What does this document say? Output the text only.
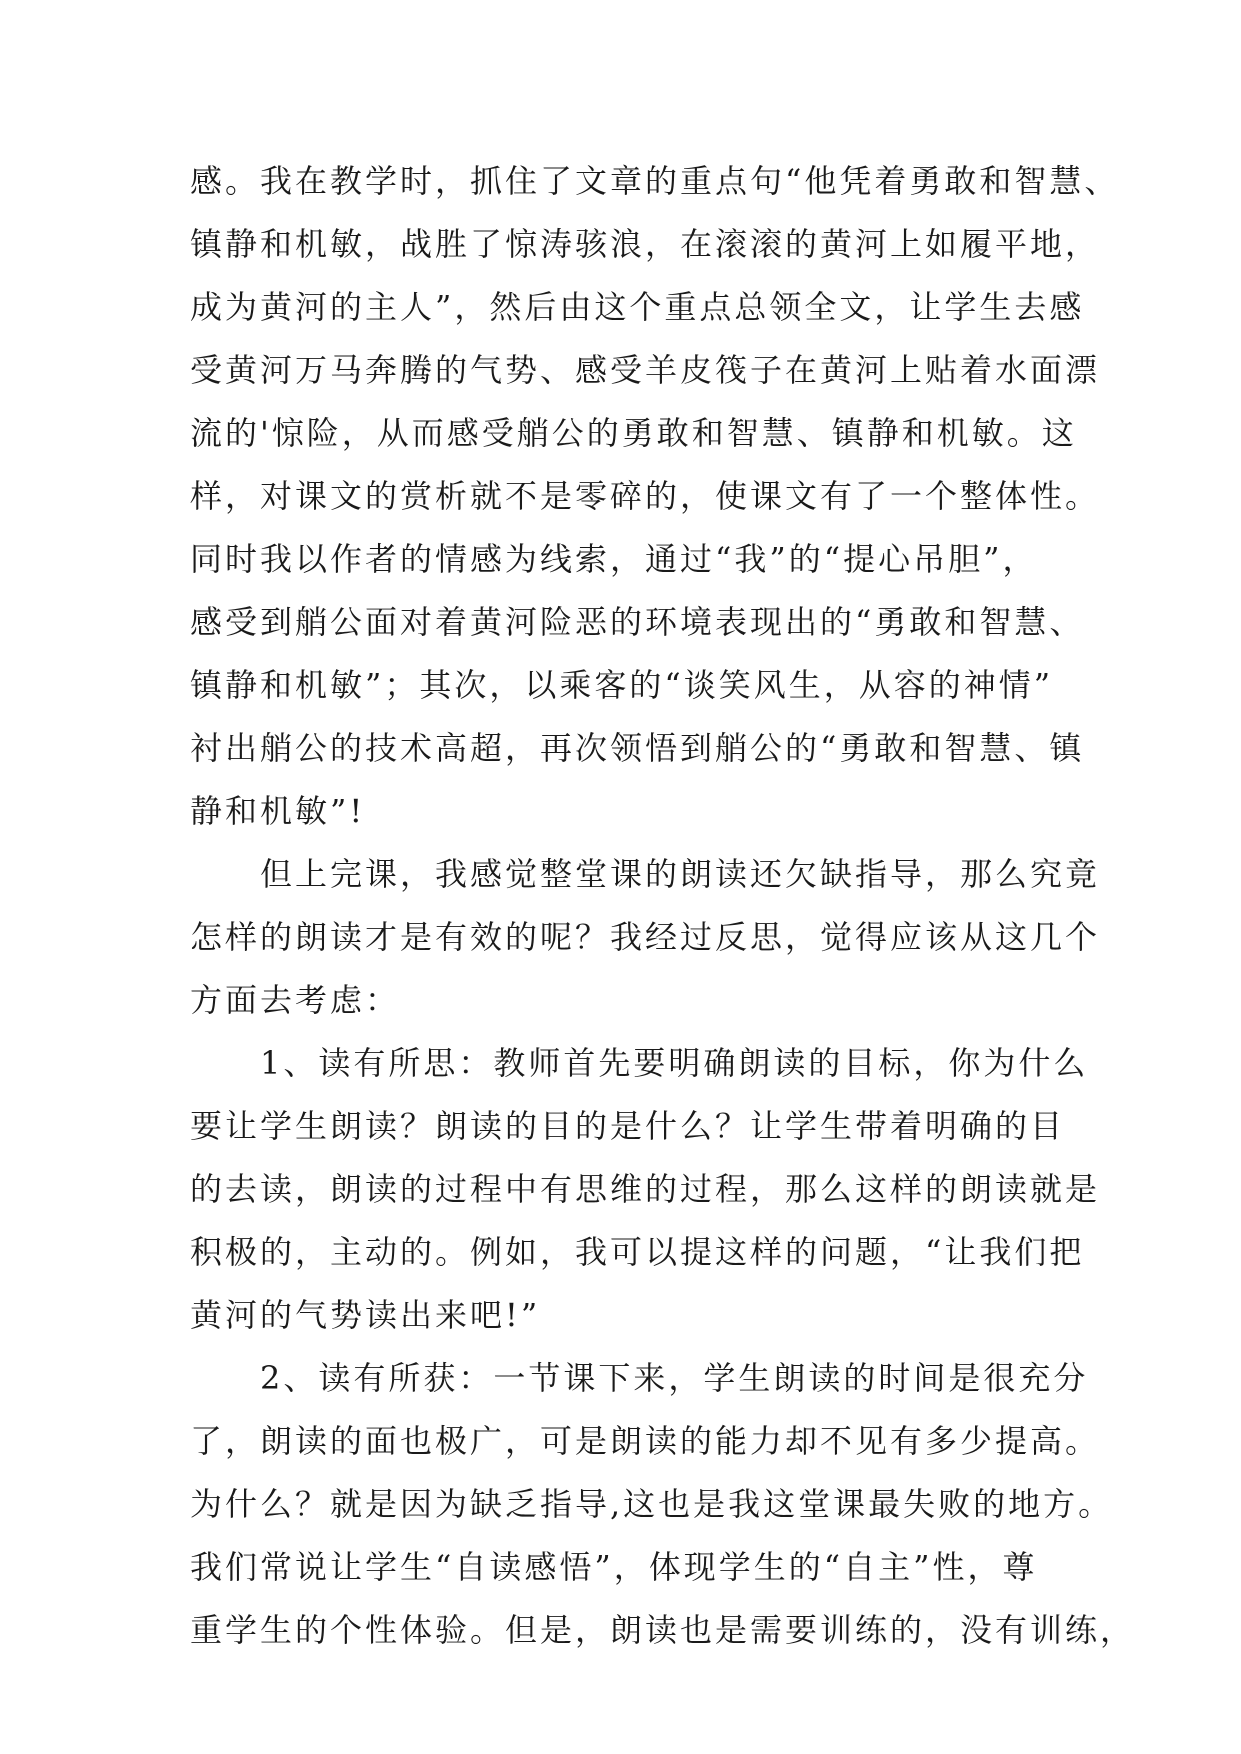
感。我在教学时，抓住了文章的重点句“他凭着勇敢和智慧、
镇静和机敏，战胜了惊涛骇浪，在滚滚的黄河上如履平地，
成为黄河的主人”，然后由这个重点总领全文，让学生去感
受黄河万马奔腾的气势、感受羊皮筏子在黄河上贴着水面漂
流的'惊险，从而感受艄公的勇敢和智慧、镇静和机敏。这
样，对课文的赏析就不是零碎的，使课文有了一个整体性。
同时我以作者的情感为线索，通过“我”的“提心吊胆”，
感受到艄公面对着黄河险恶的环境表现出的“勇敢和智慧、
镇静和机敏”；其次，以乘客的“谈笑风生，从容的神情”
衬出艄公的技术高超，再次领悟到艄公的“勇敢和智慧、镇
静和机敏”!
　　但上完课，我感觉整堂课的朗读还欠缺指导，那么究竟
怎样的朗读才是有效的呢？我经过反思，觉得应该从这几个
方面去考虑：
　　1、读有所思：教师首先要明确朗读的目标，你为什么
要让学生朗读？朗读的目的是什么？让学生带着明确的目
的去读，朗读的过程中有思维的过程，那么这样的朗读就是
积极的，主动的。例如，我可以提这样的问题，“让我们把
黄河的气势读出来吧!”
　　2、读有所获：一节课下来，学生朗读的时间是很充分
了，朗读的面也极广，可是朗读的能力却不见有多少提高。
为什么？就是因为缺乏指导,这也是我这堂课最失败的地方。
我们常说让学生“自读感悟”，体现学生的“自主”性，尊
重学生的个性体验。但是，朗读也是需要训练的，没有训练，
